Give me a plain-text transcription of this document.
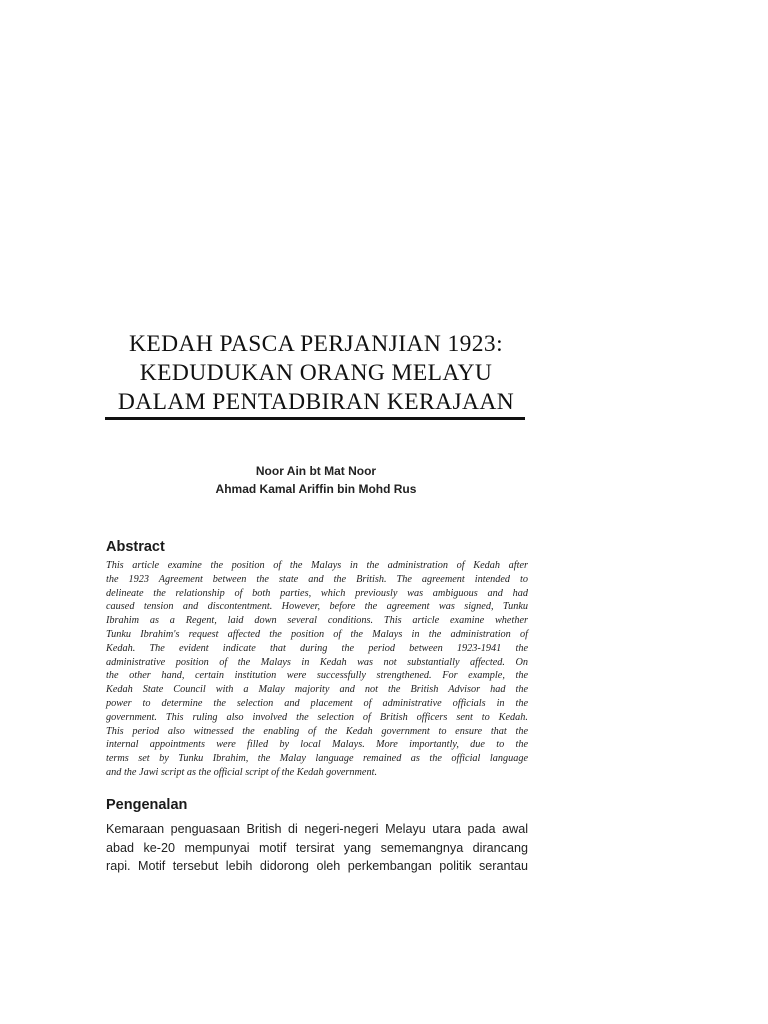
KEDAH PASCA PERJANJIAN 1923:
KEDUDUKAN ORANG MELAYU
DALAM PENTADBIRAN KERAJAAN
Noor Ain bt Mat Noor
Ahmad Kamal Ariffin bin Mohd Rus
Abstract
This article examine the position of the Malays in the administration of Kedah after
the 1923 Agreement between the state and the British. The agreement intended to
delineate the relationship of both parties, which previously was ambiguous and had
caused tension and discontentment. However, before the agreement was signed, Tunku
Ibrahim as a Regent, laid down several conditions. This article examine whether
Tunku Ibrahim's request affected the position of the Malays in the administration of
Kedah. The evident indicate that during the period between 1923-1941 the
administrative position of the Malays in Kedah was not substantially affected. On
the other hand, certain institution were successfully strengthened. For example, the
Kedah State Council with a Malay majority and not the British Advisor had the
power to determine the selection and placement of administrative officials in the
government. This ruling also involved the selection of British officers sent to Kedah.
This period also witnessed the enabling of the Kedah government to ensure that the
internal appointments were filled by local Malays. More importantly, due to the
terms set by Tunku Ibrahim, the Malay language remained as the official language
and the Jawi script as the official script of the Kedah government.
Pengenalan
Kemaraan penguasaan British di negeri-negeri Melayu utara pada awal
abad ke-20 mempunyai motif tersirat yang sememangnya dirancang
rapi. Motif tersebut lebih didorong oleh perkembangan politik serantau
